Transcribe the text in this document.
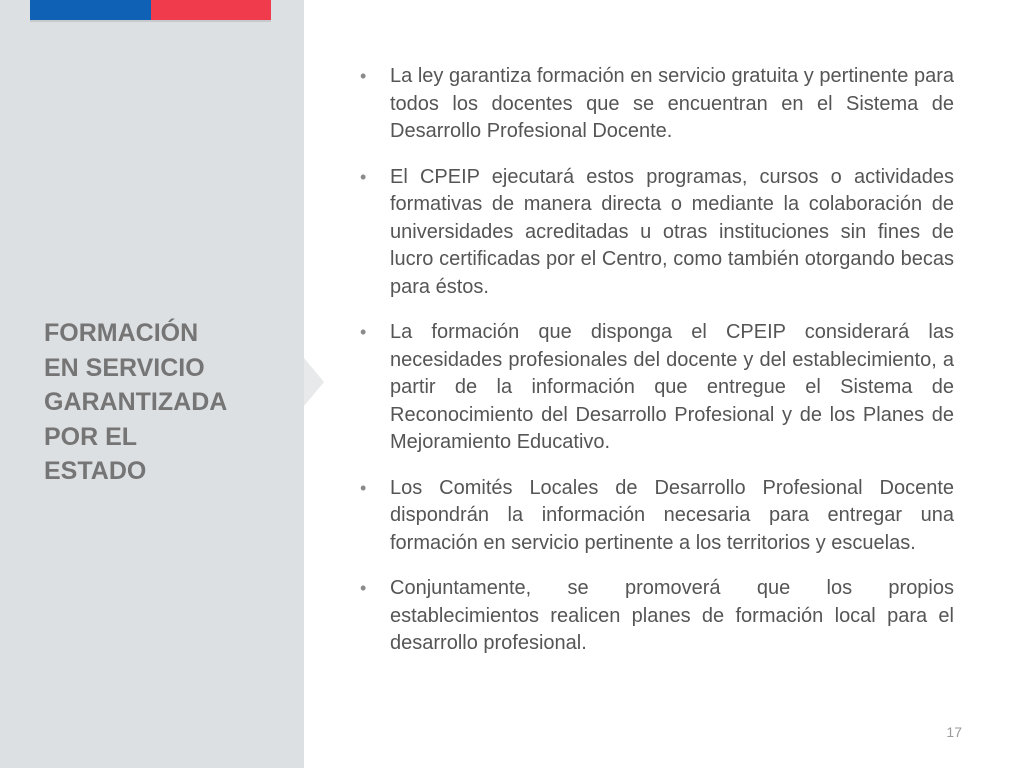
FORMACIÓN
EN SERVICIO
GARANTIZADA
POR EL
ESTADO
• La ley garantiza formación en servicio gratuita y pertinente para todos los docentes que se encuentran en el Sistema de Desarrollo Profesional Docente.
• El CPEIP ejecutará estos programas, cursos o actividades formativas de manera directa o mediante la colaboración de universidades acreditadas u otras instituciones sin fines de lucro certificadas por el Centro, como también otorgando becas para éstos.
• La formación que disponga el CPEIP considerará las necesidades profesionales del docente y del establecimiento, a partir de la información que entregue el Sistema de Reconocimiento del Desarrollo Profesional y de los Planes de Mejoramiento Educativo.
• Los Comités Locales de Desarrollo Profesional Docente dispondrán la información necesaria para entregar una formación en servicio pertinente a los territorios y escuelas.
• Conjuntamente, se promoverá que los propios establecimientos realicen planes de formación local para el desarrollo profesional.
17
